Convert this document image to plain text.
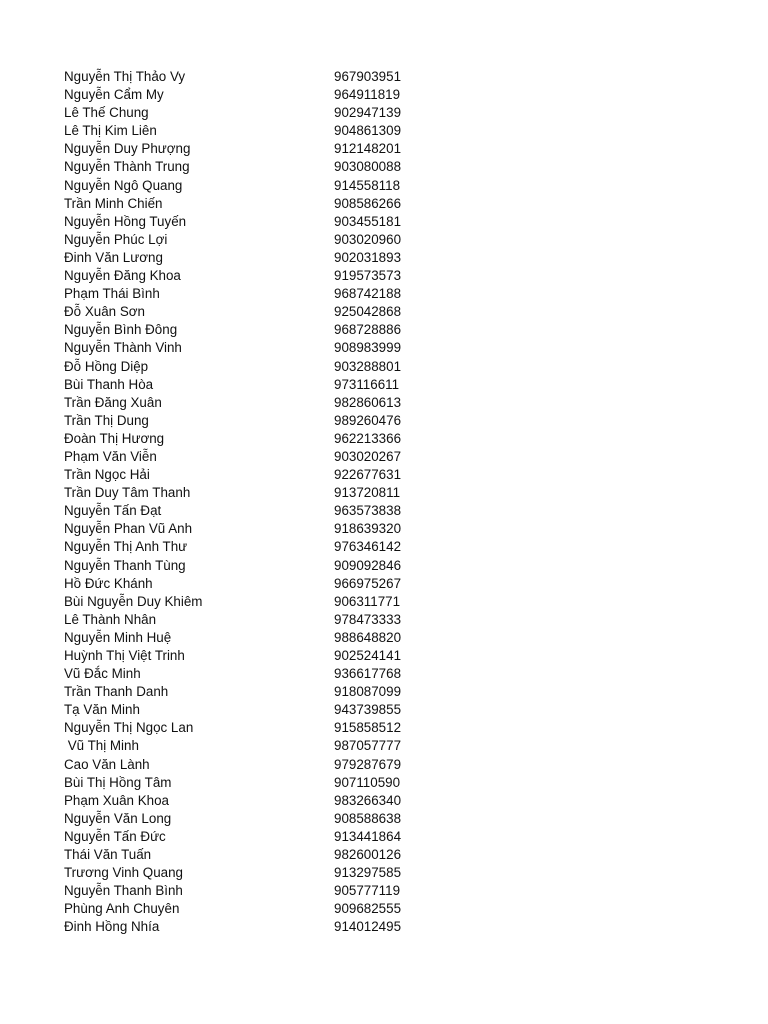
Nguyễn Thị Thảo Vy	967903951
Nguyễn Cẩm My	964911819
Lê Thế Chung	902947139
Lê Thị Kim Liên	904861309
Nguyễn Duy Phượng	912148201
Nguyễn Thành Trung	903080088
Nguyễn Ngô Quang	914558118
Trần Minh Chiến	908586266
Nguyễn Hồng Tuyến	903455181
Nguyễn Phúc Lợi	903020960
Đinh Văn Lương	902031893
Nguyễn Đăng Khoa	919573573
Phạm Thái Bình	968742188
Đỗ Xuân Sơn	925042868
Nguyễn Bình Đông	968728886
Nguyễn Thành Vinh	908983999
Đỗ Hồng Diệp	903288801
Bùi Thanh Hòa	973116611
Trần Đăng Xuân	982860613
Trần Thị Dung	989260476
Đoàn Thị Hương	962213366
Phạm Văn Viễn	903020267
Trần Ngọc Hải	922677631
Trần Duy Tâm Thanh	913720811
Nguyễn Tấn Đạt	963573838
Nguyễn Phan Vũ Anh	918639320
Nguyễn Thị Anh Thư	976346142
Nguyễn Thanh Tùng	909092846
Hồ Đức Khánh	966975267
Bùi Nguyễn Duy Khiêm	906311771
Lê Thành Nhân	978473333
Nguyễn Minh Huệ	988648820
Huỳnh Thị Việt Trinh	902524141
Vũ Đắc Minh	936617768
Trần Thanh Danh	918087099
Tạ Văn Minh	943739855
Nguyễn Thị Ngọc Lan	915858512
Vũ Thị Minh	987057777
Cao Văn Lành	979287679
Bùi Thị Hồng Tâm	907110590
Phạm Xuân Khoa	983266340
Nguyễn Văn Long	908588638
Nguyễn Tấn Đức	913441864
Thái Văn Tuấn	982600126
Trương Vinh Quang	913297585
Nguyễn Thanh Bình	905777119
Phùng Anh Chuyên	909682555
Đinh Hồng Nhía	914012495
